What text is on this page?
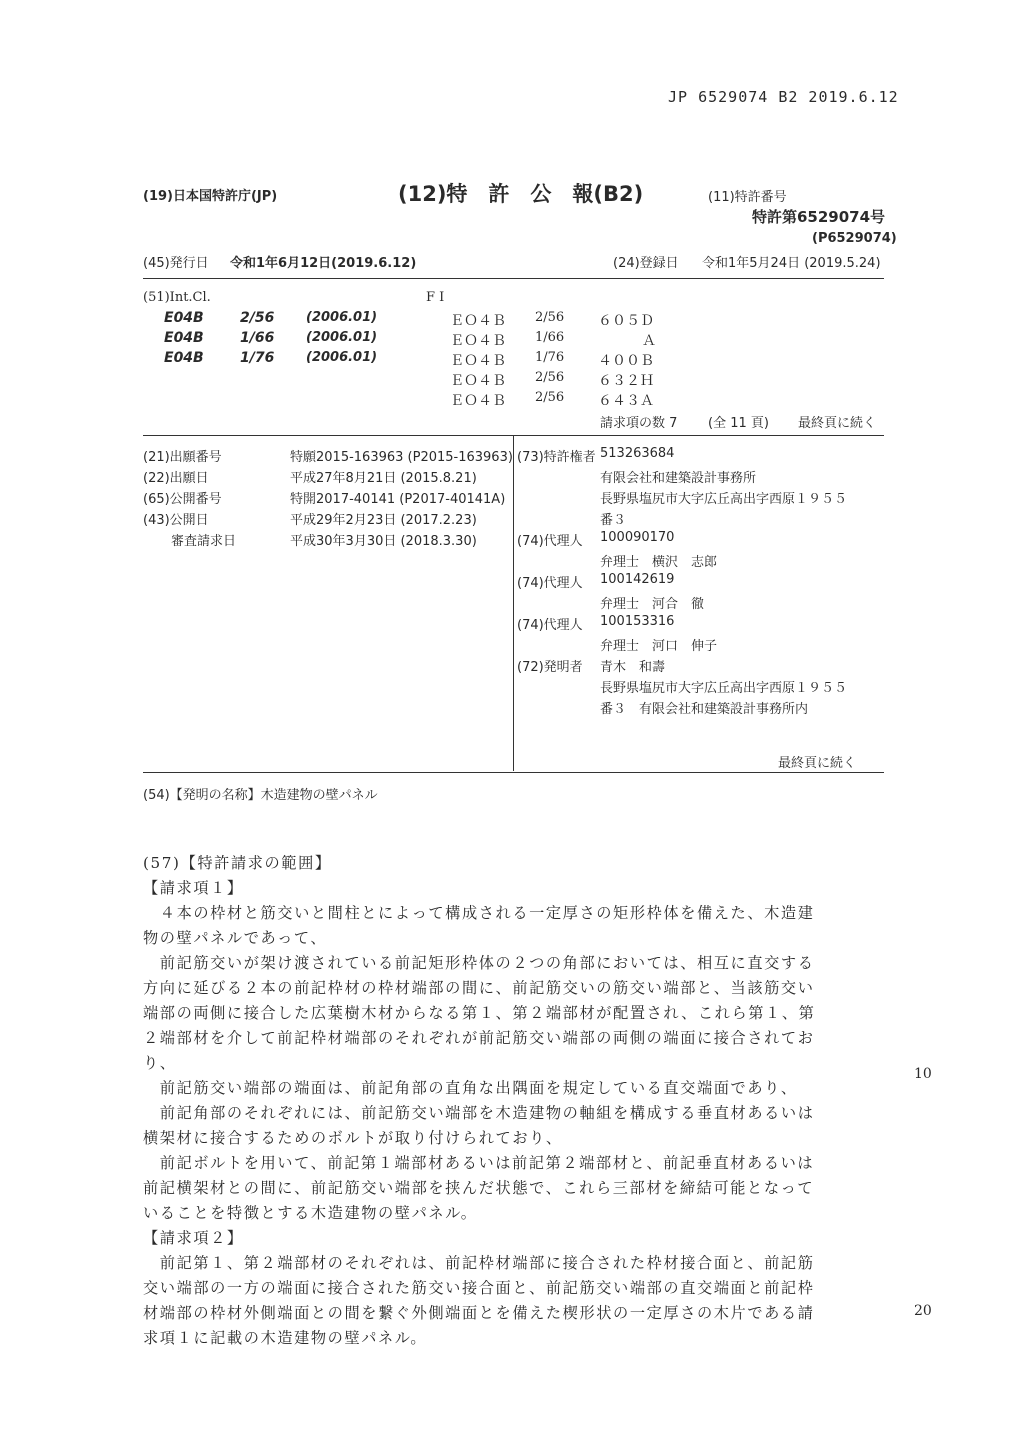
JP 6529074 B2 2019.6.12
(19)日本国特許庁(JP)	(12)特　許　公　報(B2)	(11)特許番号
特許第6529074号
(P6529074)
(45)発行日 令和1年6月12日(2019.6.12)	(24)登録日 令和1年5月24日 (2019.5.24)
(51)Int.Cl.	F I
E04B	2/56 (2006.01)
E04B	1/66 (2006.01)
E04B	1/76 (2006.01)
ＥＯ４Ｂ 2/56 ６０５Ｄ
ＥＯ４Ｂ 1/66	Ａ
ＥＯ４Ｂ 1/76 ４００Ｂ
ＥＯ４Ｂ 2/56 ６３２Ｈ
ＥＯ４Ｂ 2/56 ６４３Ａ
請求項の数 7 (全 11 頁) 最終頁に続く
(21)出願番号	特願2015-163963 (P2015-163963)
(22)出願日	平成27年8月21日 (2015.8.21)
(65)公開番号	特開2017-40141 (P2017-40141A)
(43)公開日	平成29年2月23日 (2017.2.23)
　審査請求日	平成30年3月30日 (2018.3.30)
(73)特許権者 513263684
有限会社和建築設計事務所
長野県塩尻市大字広丘高出字西原１９５５
番３
(74)代理人 100090170
弁理士　横沢　志郎
(74)代理人 100142619
弁理士　河合　徹
(74)代理人 100153316
弁理士　河口　伸子
(72)発明者 青木　和壽
長野県塩尻市大字広丘高出字西原１９５５
番３　有限会社和建築設計事務所内
最終頁に続く
(54)【発明の名称】木造建物の壁パネル
(57)【特許請求の範囲】
【請求項１】
　４本の枠材と筋交いと間柱とによって構成される一定厚さの矩形枠体を備えた、木造建
物の壁パネルであって、
　前記筋交いが架け渡されている前記矩形枠体の２つの角部においては、相互に直交する
方向に延びる２本の前記枠材の枠材端部の間に、前記筋交いの筋交い端部と、当該筋交い
端部の両側に接合した広葉樹木材からなる第１、第２端部材が配置され、これら第１、第
２端部材を介して前記枠材端部のそれぞれが前記筋交い端部の両側の端面に接合されてお
り、
　前記筋交い端部の端面は、前記角部の直角な出隅面を規定している直交端面であり、
　前記角部のそれぞれには、前記筋交い端部を木造建物の軸組を構成する垂直材あるいは
横架材に接合するためのボルトが取り付けられており、
　前記ボルトを用いて、前記第１端部材あるいは前記第２端部材と、前記垂直材あるいは
前記横架材との間に、前記筋交い端部を挟んだ状態で、これら三部材を締結可能となって
いることを特徴とする木造建物の壁パネル。
【請求項２】
　前記第１、第２端部材のそれぞれは、前記枠材端部に接合された枠材接合面と、前記筋
交い端部の一方の端面に接合された筋交い接合面と、前記筋交い端部の直交端面と前記枠
材端部の枠材外側端面との間を繋ぐ外側端面とを備えた楔形状の一定厚さの木片である請
求項１に記載の木造建物の壁パネル。
10
20
